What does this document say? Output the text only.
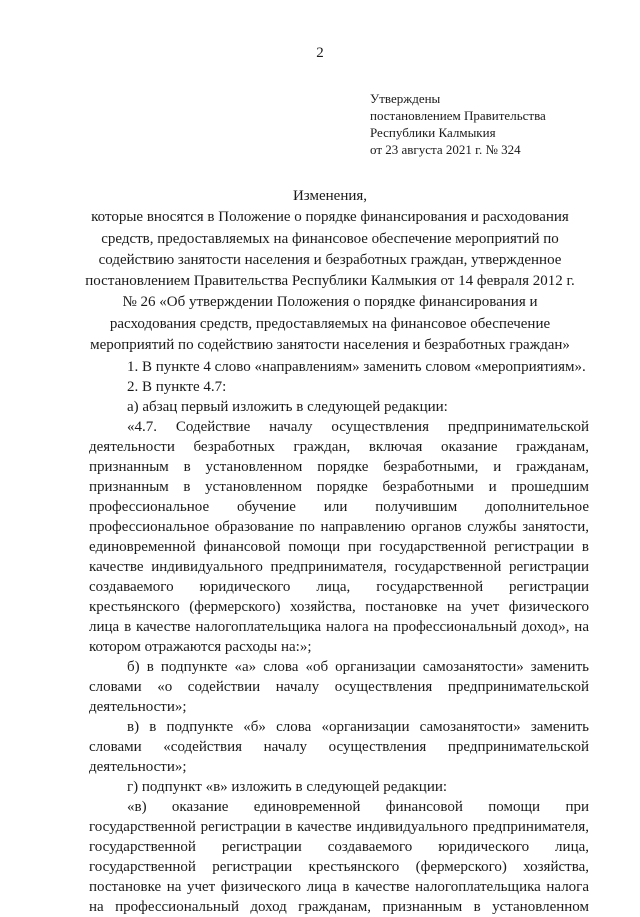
2
Утверждены
постановлением Правительства
Республики Калмыкия
от 23 августа 2021 г. № 324
Изменения,
которые вносятся в Положение о порядке финансирования и расходования
средств, предоставляемых на финансовое обеспечение мероприятий по
содействию занятости населения и безработных граждан, утвержденное
постановлением Правительства Республики Калмыкия от 14 февраля 2012 г.
№ 26 «Об утверждении Положения о порядке финансирования и
расходования средств, предоставляемых на финансовое обеспечение
мероприятий по содействию занятости населения и безработных граждан»
1. В пункте 4 слово «направлениям» заменить словом «мероприятиям».
2. В пункте 4.7:
а) абзац первый изложить в следующей редакции:
«4.7. Содействие началу осуществления предпринимательской
деятельности безработных граждан, включая оказание гражданам,
признанным в установленном порядке безработными, и гражданам,
признанным в установленном порядке безработными и прошедшим
профессиональное обучение или получившим дополнительное
профессиональное образование по направлению органов службы занятости,
единовременной финансовой помощи при государственной регистрации в
качестве индивидуального предпринимателя, государственной регистрации
создаваемого юридического лица, государственной регистрации
крестьянского (фермерского) хозяйства, постановке на учет физического
лица в качестве налогоплательщика налога на профессиональный доход», на
котором отражаются расходы на:»;
б) в подпункте «а» слова «об организации самозанятости» заменить
словами «о содействии началу осуществления предпринимательской
деятельности»;
в) в подпункте «б» слова «организации самозанятости» заменить
словами «содействия началу осуществления предпринимательской
деятельности»;
г) подпункт «в» изложить в следующей редакции:
«в) оказание единовременной финансовой помощи при
государственной регистрации в качестве индивидуального предпринимателя,
государственной регистрации создаваемого юридического лица,
государственной регистрации крестьянского (фермерского) хозяйства,
постановке на учет физического лица в качестве налогоплательщика налога
на профессиональный доход гражданам, признанным в установленном
